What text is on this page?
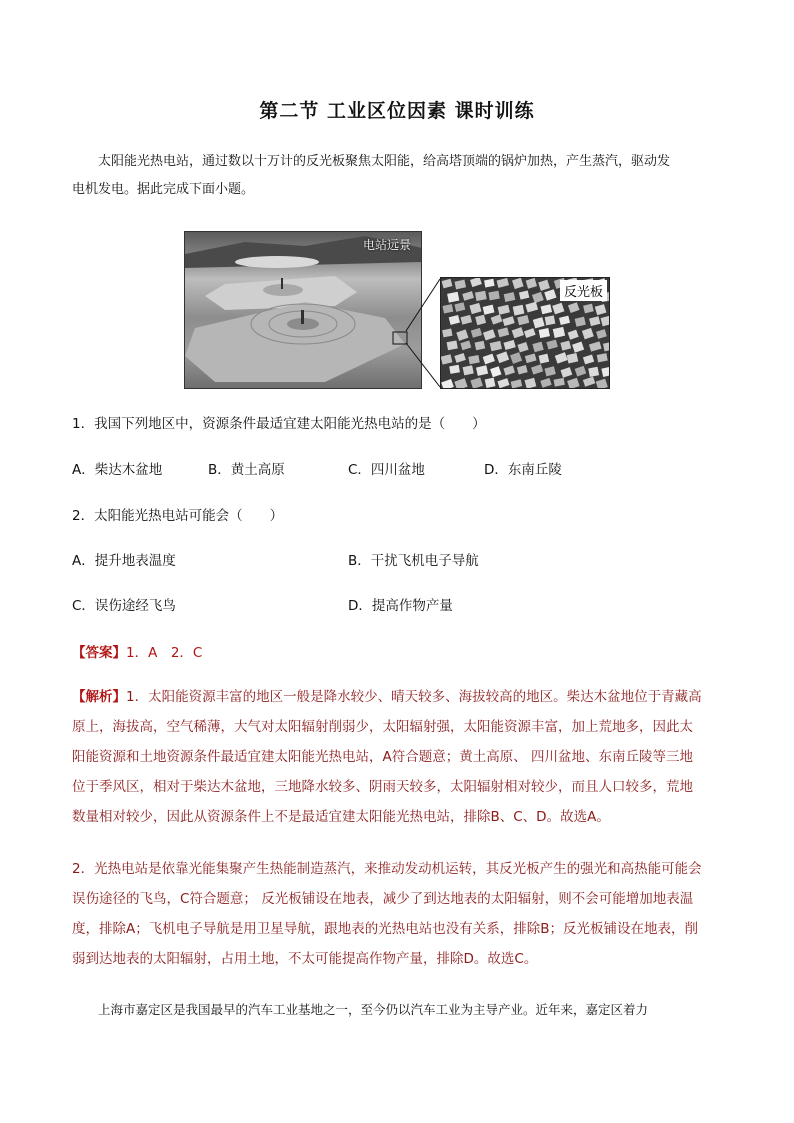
第二节 工业区位因素 课时训练

太阳能光热电站，通过数以十万计的反光板聚焦太阳能，给高塔顶端的锅炉加热，产生蒸汽，驱动发

电机发电。据此完成下面小题。
电站远景
反光板
1．我国下列地区中，资源条件最适宜建太阳能光热电站的是（　　）
A．柴达木盆地	B．黄土高原	C．四川盆地	D．东南丘陵
2．太阳能光热电站可能会（　　）
A．提升地表温度	B．干扰飞机电子导航
C．误伤途经飞鸟	D．提高作物产量
【答案】1．A　2．C

【解析】1．太阳能资源丰富的地区一般是降水较少、晴天较多、海拔较高的地区。柴达木盆地位于青藏高

原上，海拔高，空气稀薄，大气对太阳辐射削弱少，太阳辐射强，太阳能资源丰富，加上荒地多，因此太

阳能资源和土地资源条件最适宜建太阳能光热电站，A符合题意；黄土高原、 四川盆地、东南丘陵等三地

位于季风区，相对于柴达木盆地，三地降水较多、阴雨天较多，太阳辐射相对较少，而且人口较多，荒地

数量相对较少，因此从资源条件上不是最适宜建太阳能光热电站，排除B、C、D。故选A。

2．光热电站是依靠光能集聚产生热能制造蒸汽，来推动发动机运转，其反光板产生的强光和高热能可能会

误伤途径的飞鸟，C符合题意； 反光板铺设在地表，减少了到达地表的太阳辐射，则不会可能增加地表温

度，排除A；飞机电子导航是用卫星导航，跟地表的光热电站也没有关系，排除B；反光板铺设在地表，削

弱到达地表的太阳辐射，占用土地，不太可能提高作物产量，排除D。故选C。

上海市嘉定区是我国最早的汽车工业基地之一，至今仍以汽车工业为主导产业。近年来，嘉定区着力
